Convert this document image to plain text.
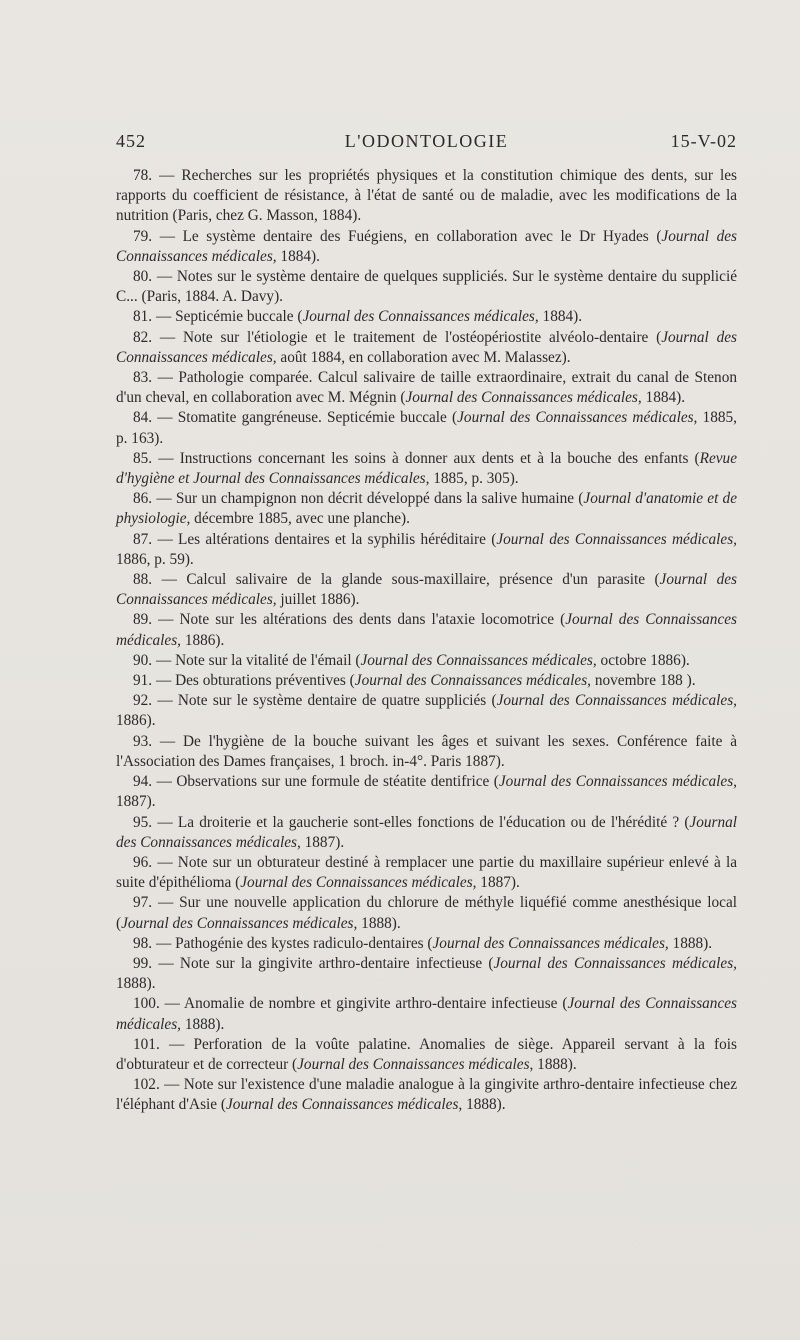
452	L'ODONTOLOGIE	15-V-02

78. — Recherches sur les propriétés physiques et la constitution chimique des dents, sur les rapports du coefficient de résistance, à l'état de santé ou de maladie, avec les modifications de la nutrition (Paris, chez G. Masson, 1884).

79. — Le système dentaire des Fuégiens, en collaboration avec le Dr Hyades (Journal des Connaissances médicales, 1884).

80. — Notes sur le système dentaire de quelques suppliciés. Sur le système dentaire du supplicié C... (Paris, 1884. A. Davy).

81. — Septicémie buccale (Journal des Connaissances médicales, 1884).

82. — Note sur l'étiologie et le traitement de l'ostéopériostite alvéolo-dentaire (Journal des Connaissances médicales, août 1884, en collaboration avec M. Malassez).

83. — Pathologie comparée. Calcul salivaire de taille extraordinaire, extrait du canal de Stenon d'un cheval, en collaboration avec M. Mégnin (Journal des Connaissances médicales, 1884).

84. — Stomatite gangréneuse. Septicémie buccale (Journal des Connaissances médicales, 1885, p. 163).

85. — Instructions concernant les soins à donner aux dents et à la bouche des enfants (Revue d'hygiène et Journal des Connaissances médicales, 1885, p. 305).

86. — Sur un champignon non décrit développé dans la salive humaine (Journal d'anatomie et de physiologie, décembre 1885, avec une planche).

87. — Les altérations dentaires et la syphilis héréditaire (Journal des Connaissances médicales, 1886, p. 59).

88. — Calcul salivaire de la glande sous-maxillaire, présence d'un parasite (Journal des Connaissances médicales, juillet 1886).

89. — Note sur les altérations des dents dans l'ataxie locomotrice (Journal des Connaissances médicales, 1886).

90. — Note sur la vitalité de l'émail (Journal des Connaissances médicales, octobre 1886).

91. — Des obturations préventives (Journal des Connaissances médicales, novembre 188 ).

92. — Note sur le système dentaire de quatre suppliciés (Journal des Connaissances médicales, 1886).

93. — De l'hygiène de la bouche suivant les âges et suivant les sexes. Conférence faite à l'Association des Dames françaises, 1 broch. in-4°. Paris 1887).

94. — Observations sur une formule de stéatite dentifrice (Journal des Connaissances médicales, 1887).

95. — La droiterie et la gaucherie sont-elles fonctions de l'éducation ou de l'hérédité ? (Journal des Connaissances médicales, 1887).

96. — Note sur un obturateur destiné à remplacer une partie du maxillaire supérieur enlevé à la suite d'épithélioma (Journal des Connaissances médicales, 1887).

97. — Sur une nouvelle application du chlorure de méthyle liquéfié comme anesthésique local (Journal des Connaissances médicales, 1888).

98. — Pathogénie des kystes radiculo-dentaires (Journal des Connaissances médicales, 1888).

99. — Note sur la gingivite arthro-dentaire infectieuse (Journal des Connaissances médicales, 1888).

100. — Anomalie de nombre et gingivite arthro-dentaire infectieuse (Journal des Connaissances médicales, 1888).

101. — Perforation de la voûte palatine. Anomalies de siège. Appareil servant à la fois d'obturateur et de correcteur (Journal des Connaissances médicales, 1888).

102. — Note sur l'existence d'une maladie analogue à la gingivite arthro-dentaire infectieuse chez l'éléphant d'Asie (Journal des Connaissances médicales, 1888).
